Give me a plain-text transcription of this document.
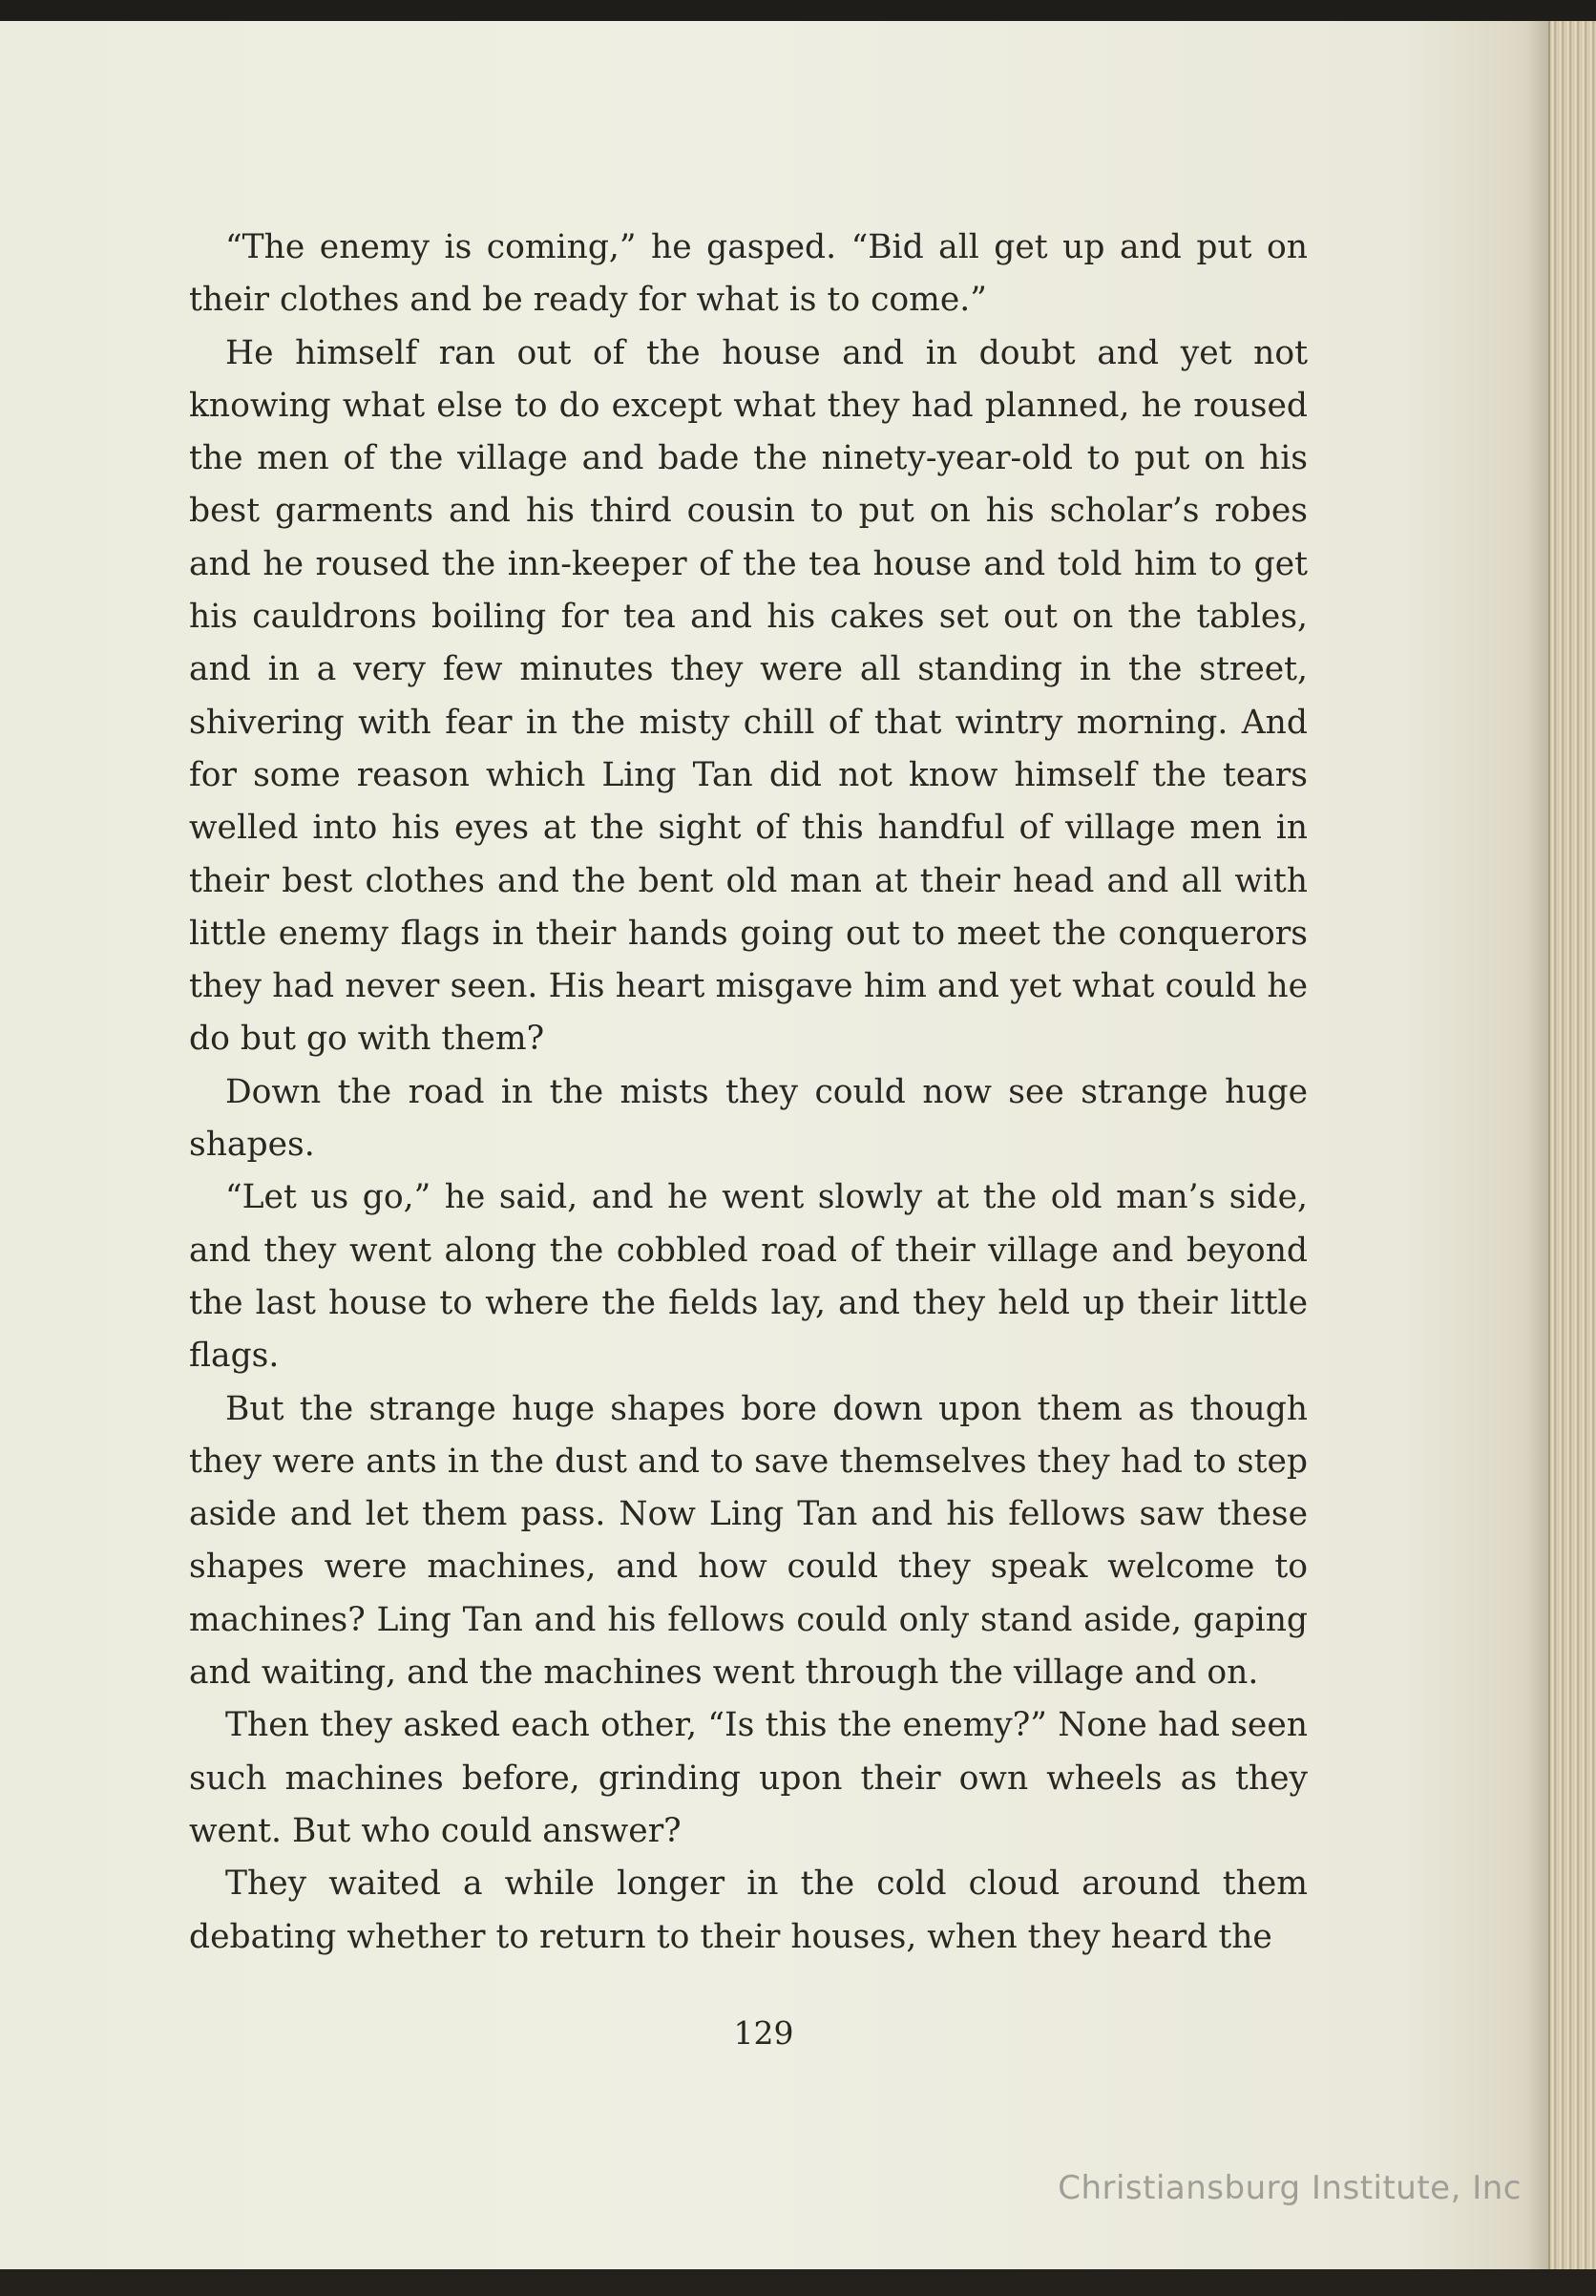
“The enemy is coming,” he gasped. “Bid all get up and put on their clothes and be ready for what is to come.”

He himself ran out of the house and in doubt and yet not knowing what else to do except what they had planned, he roused the men of the village and bade the ninety-year-old to put on his best garments and his third cousin to put on his scholar’s robes and he roused the inn-keeper of the tea house and told him to get his cauldrons boiling for tea and his cakes set out on the tables, and in a very few minutes they were all standing in the street, shivering with fear in the misty chill of that wintry morning. And for some reason which Ling Tan did not know himself the tears welled into his eyes at the sight of this handful of village men in their best clothes and the bent old man at their head and all with little enemy flags in their hands going out to meet the conquerors they had never seen. His heart misgave him and yet what could he do but go with them?

Down the road in the mists they could now see strange huge shapes.

“Let us go,” he said, and he went slowly at the old man’s side, and they went along the cobbled road of their village and beyond the last house to where the fields lay, and they held up their little flags.

But the strange huge shapes bore down upon them as though they were ants in the dust and to save themselves they had to step aside and let them pass. Now Ling Tan and his fellows saw these shapes were machines, and how could they speak welcome to machines? Ling Tan and his fellows could only stand aside, gaping and waiting, and the machines went through the village and on.

Then they asked each other, “Is this the enemy?” None had seen such machines before, grinding upon their own wheels as they went. But who could answer?

They waited a while longer in the cold cloud around them debating whether to return to their houses, when they heard the

129
Christiansburg Institute, Inc
